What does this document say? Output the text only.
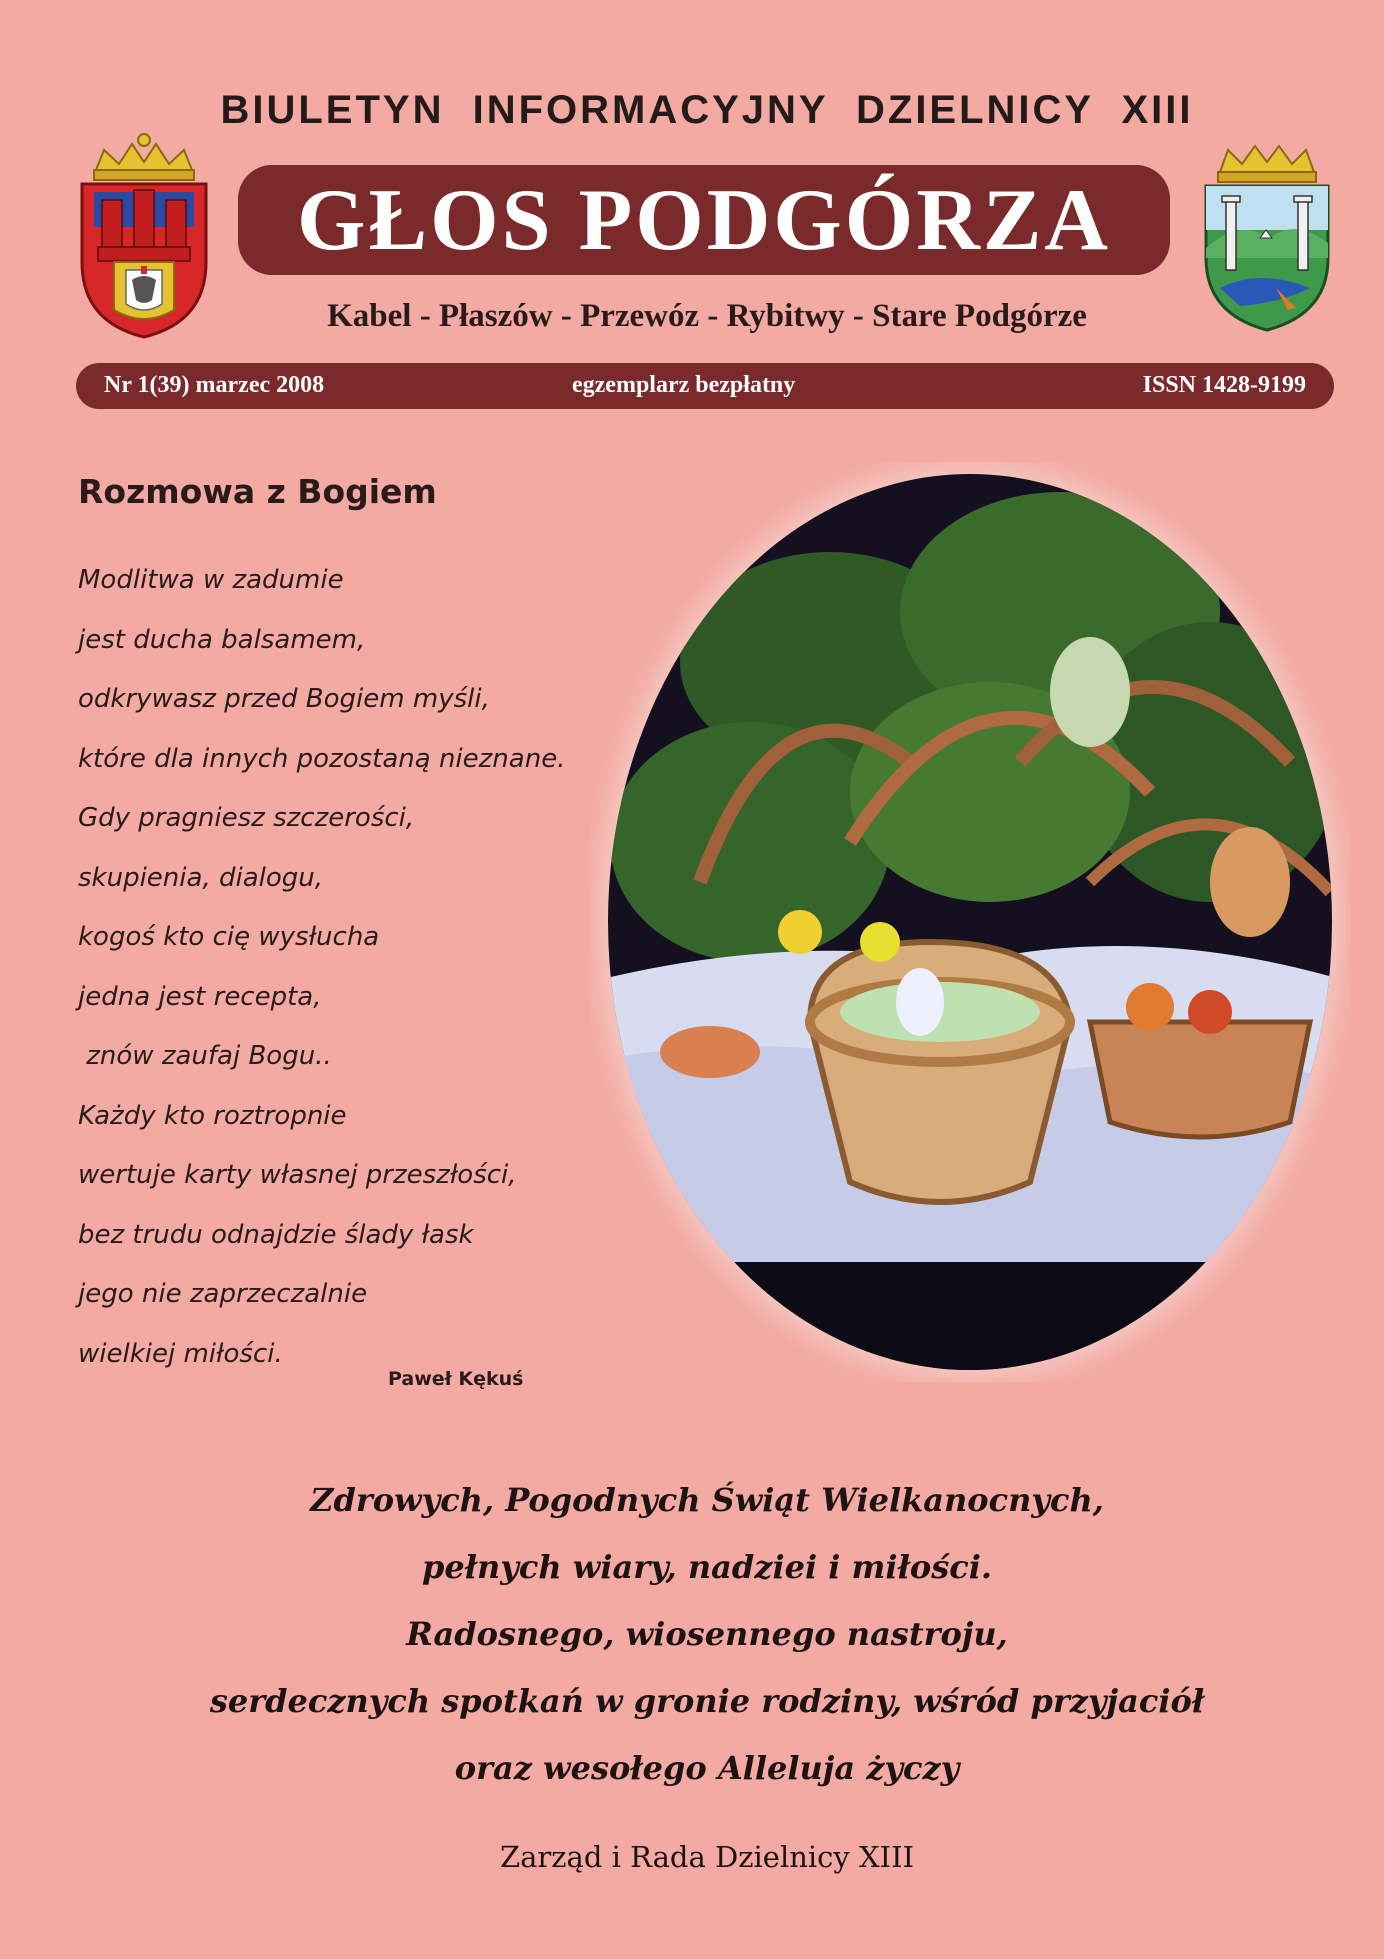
BIULETYN INFORMACYJNY DZIELNICY XIII
GŁOS PODGÓRZA
Kabel - Płaszów - Przewóz - Rybitwy - Stare Podgórze
Nr 1(39) marzec 2008	egzemplarz bezpłatny	ISSN 1428-9199
Rozmowa z Bogiem
Modlitwa w zadumie
jest ducha balsamem,
odkrywasz przed Bogiem myśli,
które dla innych pozostaną nieznane.
Gdy pragniesz szczerości,
skupienia, dialogu,
kogoś kto cię wysłucha
jedna jest recepta,
znów zaufaj Bogu..
Każdy kto roztropnie
wertuje karty własnej przeszłości,
bez trudu odnajdzie ślady łask
jego nie zaprzeczalnie
wielkiej miłości.
Paweł Kękuś
Zdrowych, Pogodnych Świąt Wielkanocnych,
pełnych wiary, nadziei i miłości.
Radosnego, wiosennego nastroju,
serdecznych spotkań w gronie rodziny, wśród przyjaciół
oraz wesołego Alleluja życzy
Zarząd i Rada Dzielnicy XIII
